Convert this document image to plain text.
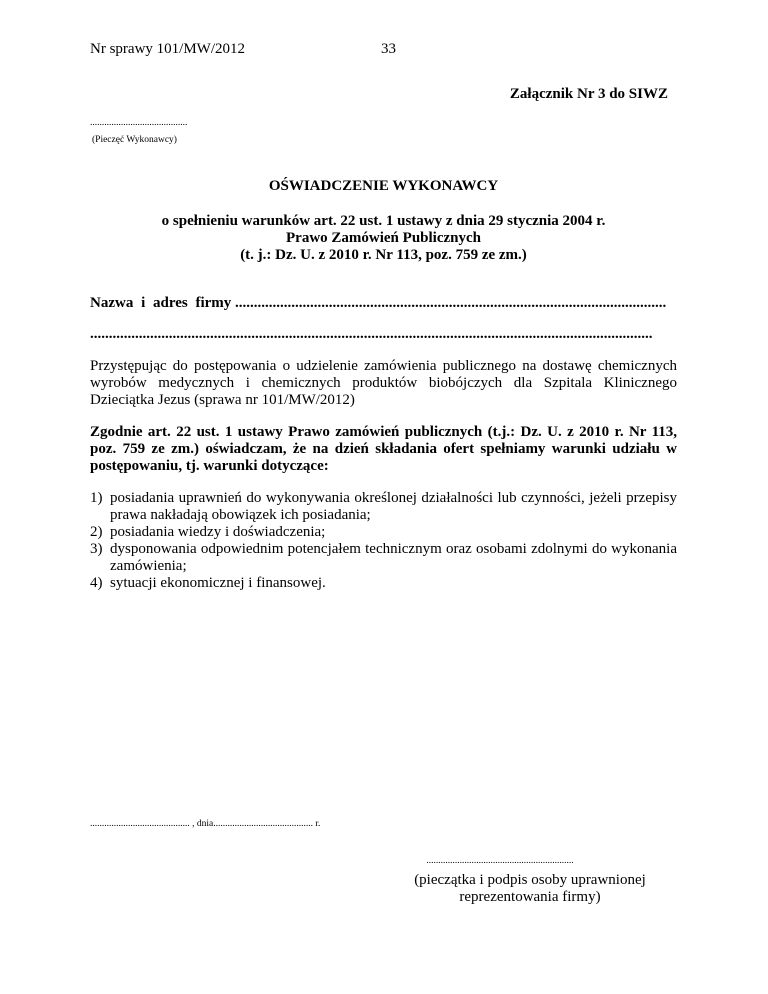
Nr sprawy 101/MW/2012	33
Załącznik Nr 3 do SIWZ
.........................................
(Pieczęć Wykonawcy)
OŚWIADCZENIE WYKONAWCY
o spełnieniu warunków art. 22 ust. 1 ustawy z dnia 29 stycznia 2004 r.
Prawo Zamówień Publicznych
(t. j.: Dz. U. z 2010 r. Nr 113, poz. 759 ze zm.)
Nazwa i adres firmy ...................................................................................................................
......................................................................................................................................................
Przystępując do postępowania o udzielenie zamówienia publicznego na dostawę chemicznych wyrobów medycznych i chemicznych produktów biobójczych dla Szpitala Klinicznego Dzieciątka Jezus (sprawa nr 101/MW/2012)
Zgodnie art. 22 ust. 1 ustawy Prawo zamówień publicznych (t.j.: Dz. U. z 2010 r. Nr 113, poz. 759 ze zm.) oświadczam, że na dzień składania ofert spełniamy warunki udziału w postępowaniu, tj. warunki dotyczące:
1) posiadania uprawnień do wykonywania określonej działalności lub czynności, jeżeli przepisy prawa nakładają obowiązek ich posiadania;
2) posiadania wiedzy i doświadczenia;
3) dysponowania odpowiednim potencjałem technicznym oraz osobami zdolnymi do wykonania zamówienia;
4) sytuacji ekonomicznej i finansowej.
.......................................... , dnia.......................................... r.
..............................................................
(pieczątka i podpis osoby uprawnionej
reprezentowania firmy)
